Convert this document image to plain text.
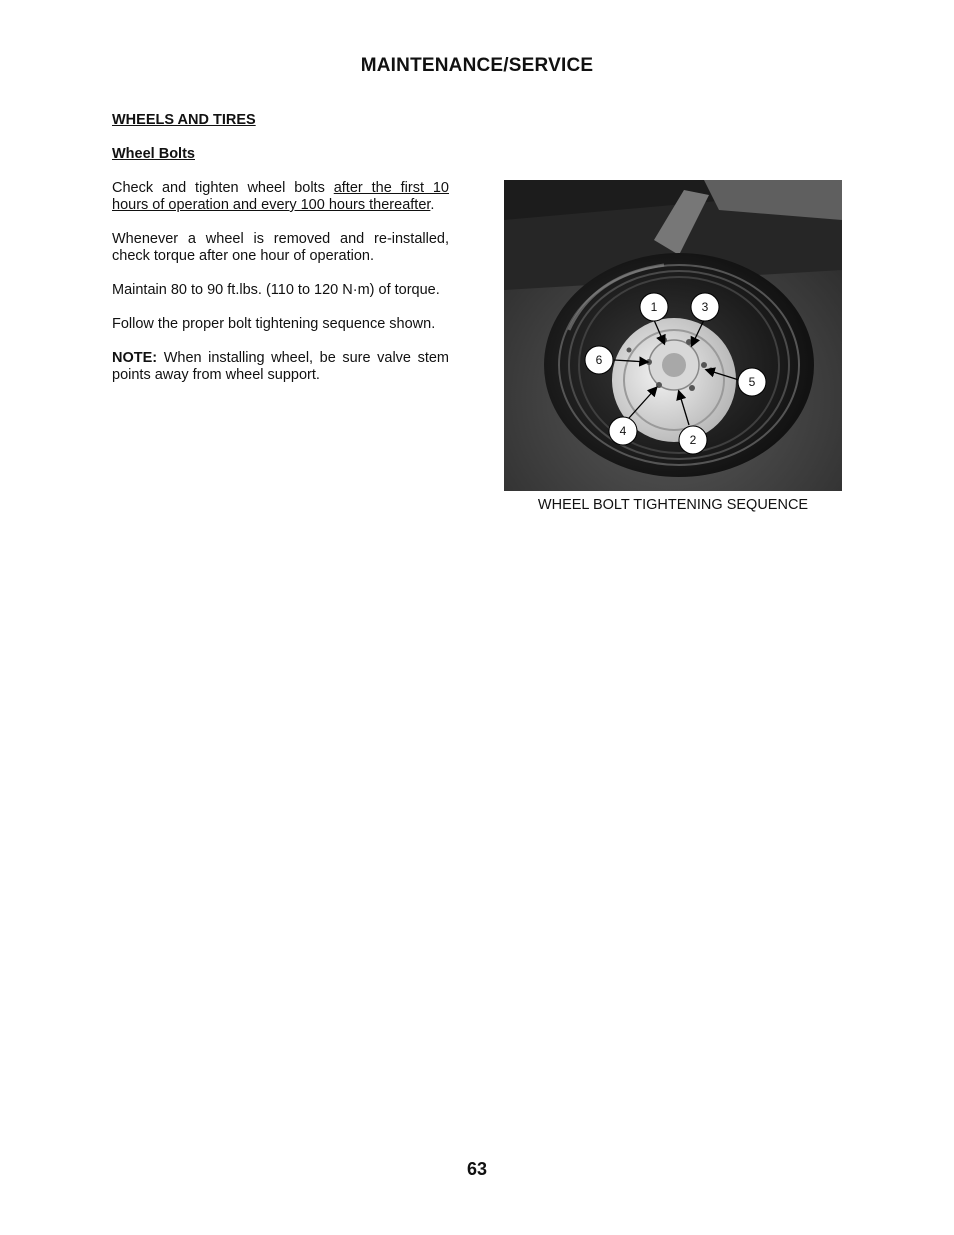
MAINTENANCE/SERVICE
WHEELS AND TIRES
Wheel Bolts
Check and tighten wheel bolts after the first 10 hours of operation and every 100 hours thereafter.
Whenever a wheel is removed and re-installed, check torque after one hour of operation.
Maintain 80 to 90 ft.lbs. (110 to 120 N·m) of torque.
Follow the proper bolt tightening sequence shown.
NOTE: When installing wheel, be sure valve stem points away from wheel support.
1	3
6
5
4
2
WHEEL BOLT TIGHTENING SEQUENCE
63
